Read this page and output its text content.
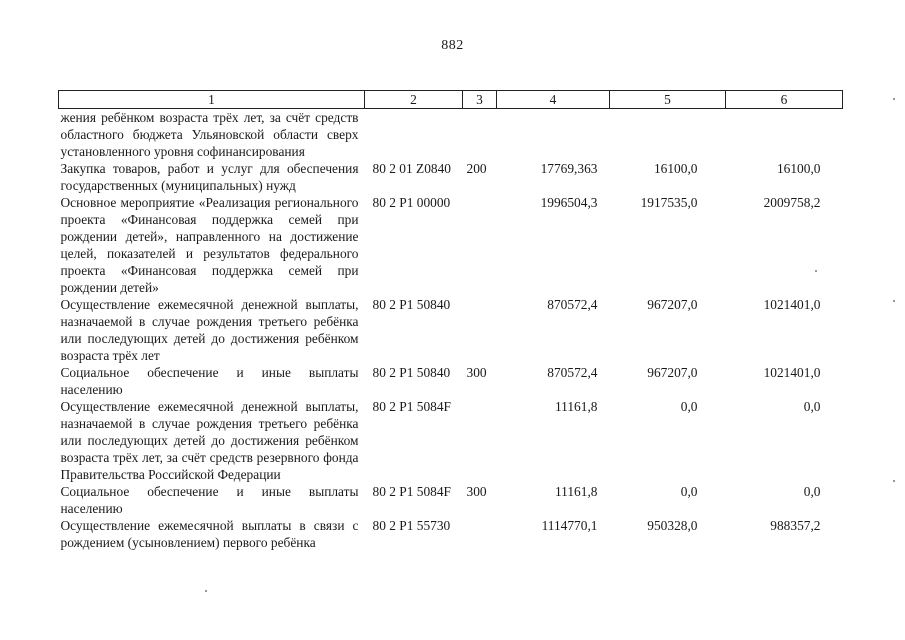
882
1	2	3	4	5	6
жения ребёнком возраста трёх лет, за счёт средств областного бюджета Ульяновской области сверх установленного уровня софинансирования					
Закупка товаров, работ и услуг для обеспечения государственных (муниципальных) нужд	80 2 01 Z0840	200	17769,363	16100,0	16100,0
Основное мероприятие «Реализация регионального проекта «Финансовая поддержка семей при рождении детей», направленного на достижение целей, показателей и результатов федерального проекта «Финансовая поддержка семей при рождении детей»	80 2 P1 00000		1996504,3	1917535,0	2009758,2
Осуществление ежемесячной денежной выплаты, назначаемой в случае рождения третьего ребёнка или последующих детей до достижения ребёнком возраста трёх лет	80 2 P1 50840		870572,4	967207,0	1021401,0
Социальное обеспечение и иные выплаты населению	80 2 P1 50840	300	870572,4	967207,0	1021401,0
Осуществление ежемесячной денежной выплаты, назначаемой в случае рождения третьего ребёнка или последующих детей до достижения ребёнком возраста трёх лет, за счёт средств резервного фонда Правительства Российской Федерации	80 2 P1 5084F		11161,8	0,0	0,0
Социальное обеспечение и иные выплаты населению	80 2 P1 5084F	300	11161,8	0,0	0,0
Осуществление ежемесячной выплаты в связи с рождением (усыновлением) первого ребёнка	80 2 P1 55730		1114770,1	950328,0	988357,2
